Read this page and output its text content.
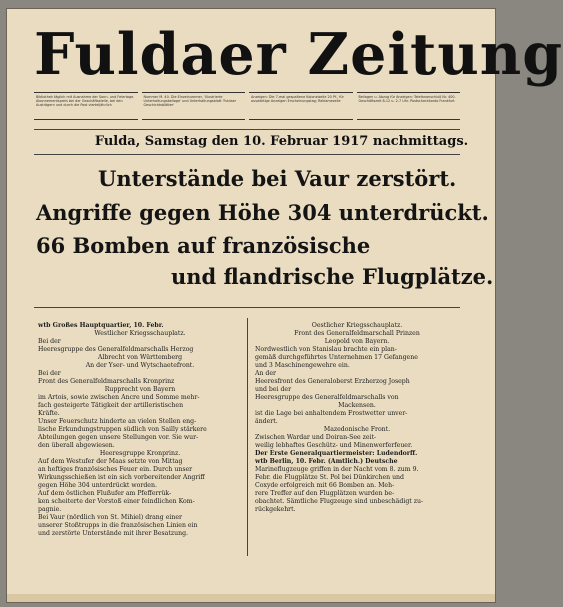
Fuldaer Zeitung
Bibliothek täglich mit Ausnahme der Sonn- und Feiertage. Abonnementspreis bei der Geschäftsstelle, bei den Austrägern und durch die Post vierteljährlich
Nummer M. 40. Die Einzelnummer, 'Illustrierte Unterhaltungsbeilage' und Unterhaltungsblatt 'Fuldaer Geschichtsblätter'
Anzeigen: Die 7-mal gespaltene Kolonelzeile 20 Pf., für auswärtige Anzeigen Erscheinungstag; Reklamezeile
Beilagen u. Abzug für Anzeigen: Telefonanschluß Nr. 400. Geschäftszeit 8-12 u. 2-7 Uhr. Postscheckkonto Frankfurt
Fulda, Samstag den 10. Februar 1917 nachmittags.
Unterstände bei Vaur zerstört.
Angriffe gegen Höhe 304 unterdrückt.
66 Bomben auf französische
und flandrische Flugplätze.

wtb Großes Hauptquartier, 10. Febr.

Westlicher Kriegsschauplatz.

Bei der

Heeresgruppe des Generalfeldmarschalls Herzog

Albrecht von Württemberg

An der Yser- und Wytschaetefront.

Bei der

Front des Generalfeldmarschalls Kronprinz

Rupprecht von Bayern

im Artois, sowie zwischen Ancre und Somme mehr-

fach gesteigerte Tätigkeit der artilleristischen

Kräfte.

Unser Feuerschutz hinderte an vielen Stellen eng-

lische Erkundungstruppen südlich von Sailly stärkere

Abteilungen gegen unsere Stellungen vor. Sie wur-

den überall abgewiesen.

Heeresgruppe Kronprinz.

Auf dem Westufer der Maas setzte von Mittag

an heftiges französisches Feuer ein. Durch unser

Wirkungsschießen ist ein sich vorbereitender Angriff

gegen Höhe 304 unterdrückt worden.

Auf dem östlichen Flußufer am Pfefferrük-

ken scheiterte der Vorstoß einer feindlichen Kom-

pagnie.

Bei Vaur (nördlich von St. Mihiel) drang einer

unserer Stoßtrupps in die französischen Linien ein

und zerstörte Unterstände mit ihrer Besatzung.

Oestlicher Kriegsschauplatz.

Front des Generalfeldmarschall Prinzen

Leopold von Bayern.

Nordwestlich von Stanislau brachte ein plan-

gemäß durchgeführtes Unternehmen 17 Gefangene

und 3 Maschinengewehre ein.

An der

Heeresfront des Generaloberst Erzherzog Joseph

und bei der

Heeresgruppe des Generalfeldmarschalls von

Mackensen.

ist die Lage bei anhaltendem Frostwetter unver-

ändert.

Mazedonische Front.

Zwischen Wardar und Doiran-See zeit-

weilig lebhaftes Geschütz- und Minenwerferfeuer.

Der Erste Generalquartiermeister: Ludendorff.

wtb Berlin, 10. Febr. (Amtlich.) Deutsche

Marineflugzeuge griffen in der Nacht vom 8. zum 9.

Febr. die Flugplätze St. Pol bei Dünkirchen und

Coxyde erfolgreich mit 66 Bomben an. Meh-

rere Treffer auf den Flugplätzen wurden be-

obachtet. Sämtliche Flugzeuge sind unbeschädigt zu-

rückgekehrt.
